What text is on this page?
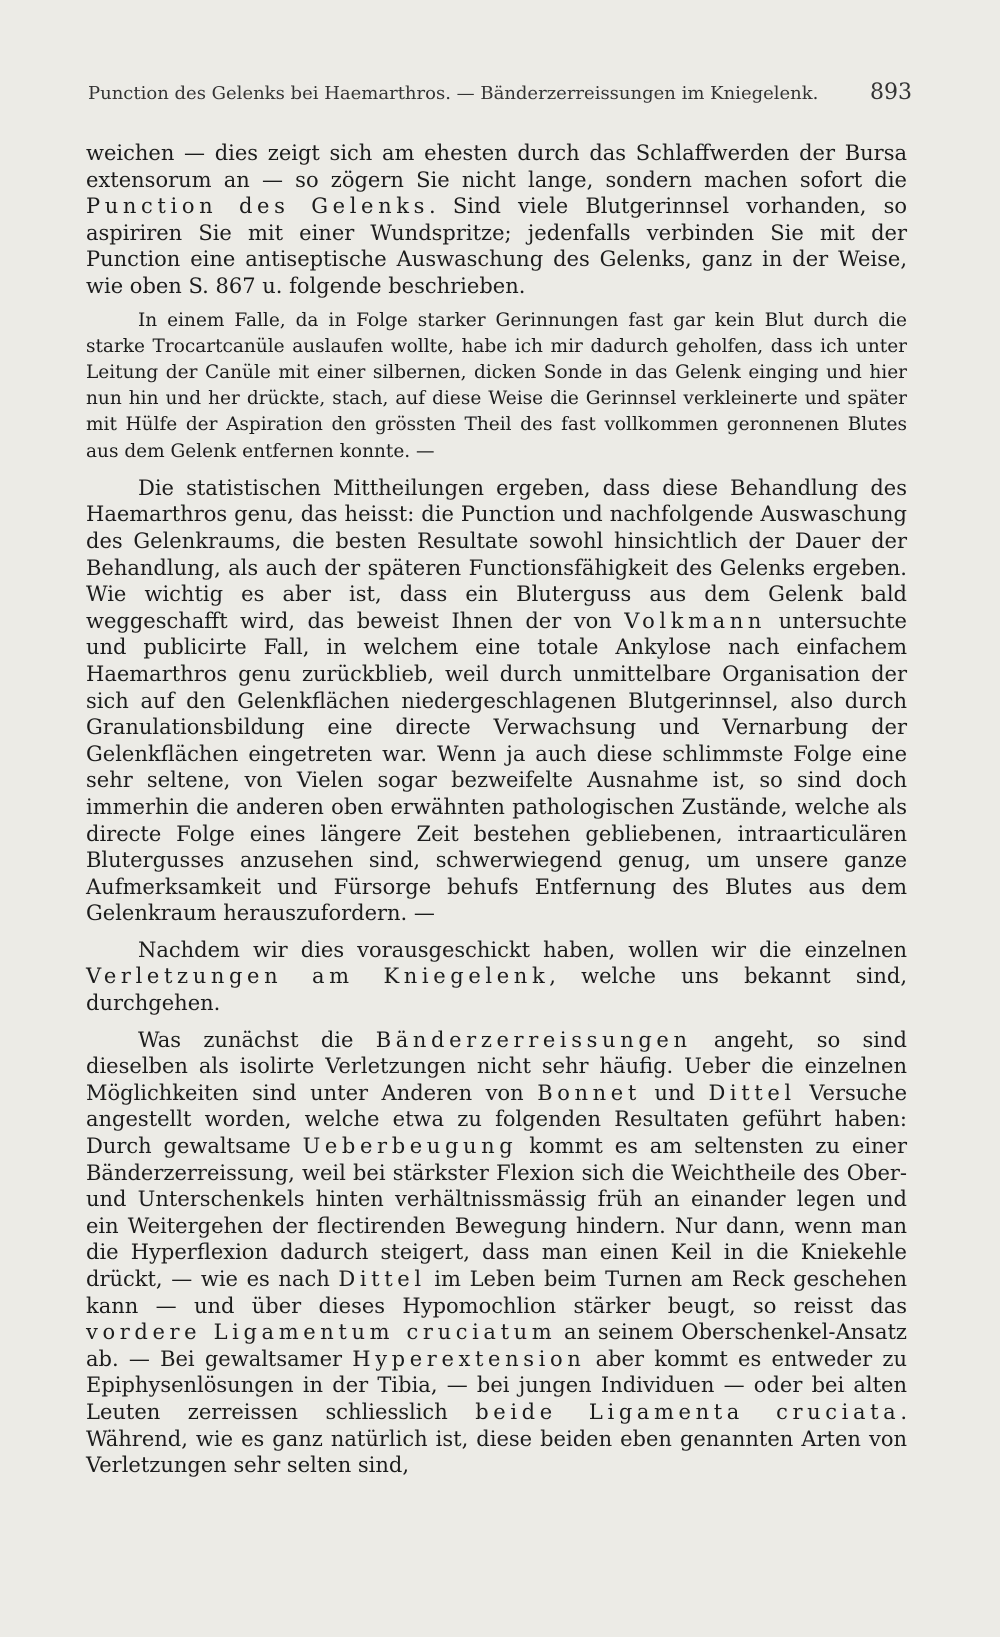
Punction des Gelenks bei Haemarthros. — Bänderzerreissungen im Kniegelenk. 893

weichen — dies zeigt sich am ehesten durch das Schlaffwerden der Bursa extensorum an — so zögern Sie nicht lange, sondern machen sofort die Punction des Gelenks. Sind viele Blutgerinnsel vorhanden, so aspiriren Sie mit einer Wundspritze; jedenfalls verbinden Sie mit der Punction eine antiseptische Auswaschung des Gelenks, ganz in der Weise, wie oben S. 867 u. folgende beschrieben.

In einem Falle, da in Folge starker Gerinnungen fast gar kein Blut durch die starke Trocartcanüle auslaufen wollte, habe ich mir dadurch geholfen, dass ich unter Leitung der Canüle mit einer silbernen, dicken Sonde in das Gelenk einging und hier nun hin und her drückte, stach, auf diese Weise die Gerinnsel verkleinerte und später mit Hülfe der Aspiration den grössten Theil des fast vollkommen geronnenen Blutes aus dem Gelenk entfernen konnte. —

Die statistischen Mittheilungen ergeben, dass diese Behandlung des Haemarthros genu, das heisst: die Punction und nachfolgende Auswaschung des Gelenkraums, die besten Resultate sowohl hinsichtlich der Dauer der Behandlung, als auch der späteren Functionsfähigkeit des Gelenks ergeben. Wie wichtig es aber ist, dass ein Bluterguss aus dem Gelenk bald weggeschafft wird, das beweist Ihnen der von Volkmann untersuchte und publicirte Fall, in welchem eine totale Ankylose nach einfachem Haemarthros genu zurückblieb, weil durch unmittelbare Organisation der sich auf den Gelenkflächen niedergeschlagenen Blutgerinnsel, also durch Granulationsbildung eine directe Verwachsung und Vernarbung der Gelenkflächen eingetreten war. Wenn ja auch diese schlimmste Folge eine sehr seltene, von Vielen sogar bezweifelte Ausnahme ist, so sind doch immerhin die anderen oben erwähnten pathologischen Zustände, welche als directe Folge eines längere Zeit bestehen gebliebenen, intraarticulären Blutergusses anzusehen sind, schwerwiegend genug, um unsere ganze Aufmerksamkeit und Fürsorge behufs Entfernung des Blutes aus dem Gelenkraum herauszufordern. —

Nachdem wir dies vorausgeschickt haben, wollen wir die einzelnen Verletzungen am Kniegelenk, welche uns bekannt sind, durchgehen.

Was zunächst die Bänderzerreissungen angeht, so sind dieselben als isolirte Verletzungen nicht sehr häufig. Ueber die einzelnen Möglichkeiten sind unter Anderen von Bonnet und Dittel Versuche angestellt worden, welche etwa zu folgenden Resultaten geführt haben: Durch gewaltsame Ueberbeugung kommt es am seltensten zu einer Bänderzerreissung, weil bei stärkster Flexion sich die Weichtheile des Ober- und Unterschenkels hinten verhältnissmässig früh an einander legen und ein Weitergehen der flectirenden Bewegung hindern. Nur dann, wenn man die Hyperflexion dadurch steigert, dass man einen Keil in die Kniekehle drückt, — wie es nach Dittel im Leben beim Turnen am Reck geschehen kann — und über dieses Hypomochlion stärker beugt, so reisst das vordere Ligamentum cruciatum an seinem Oberschenkel-Ansatz ab. — Bei gewaltsamer Hyperextension aber kommt es entweder zu Epiphysenlösungen in der Tibia, — bei jungen Individuen — oder bei alten Leuten zerreissen schliesslich beide Ligamenta cruciata. Während, wie es ganz natürlich ist, diese beiden eben genannten Arten von Verletzungen sehr selten sind,
